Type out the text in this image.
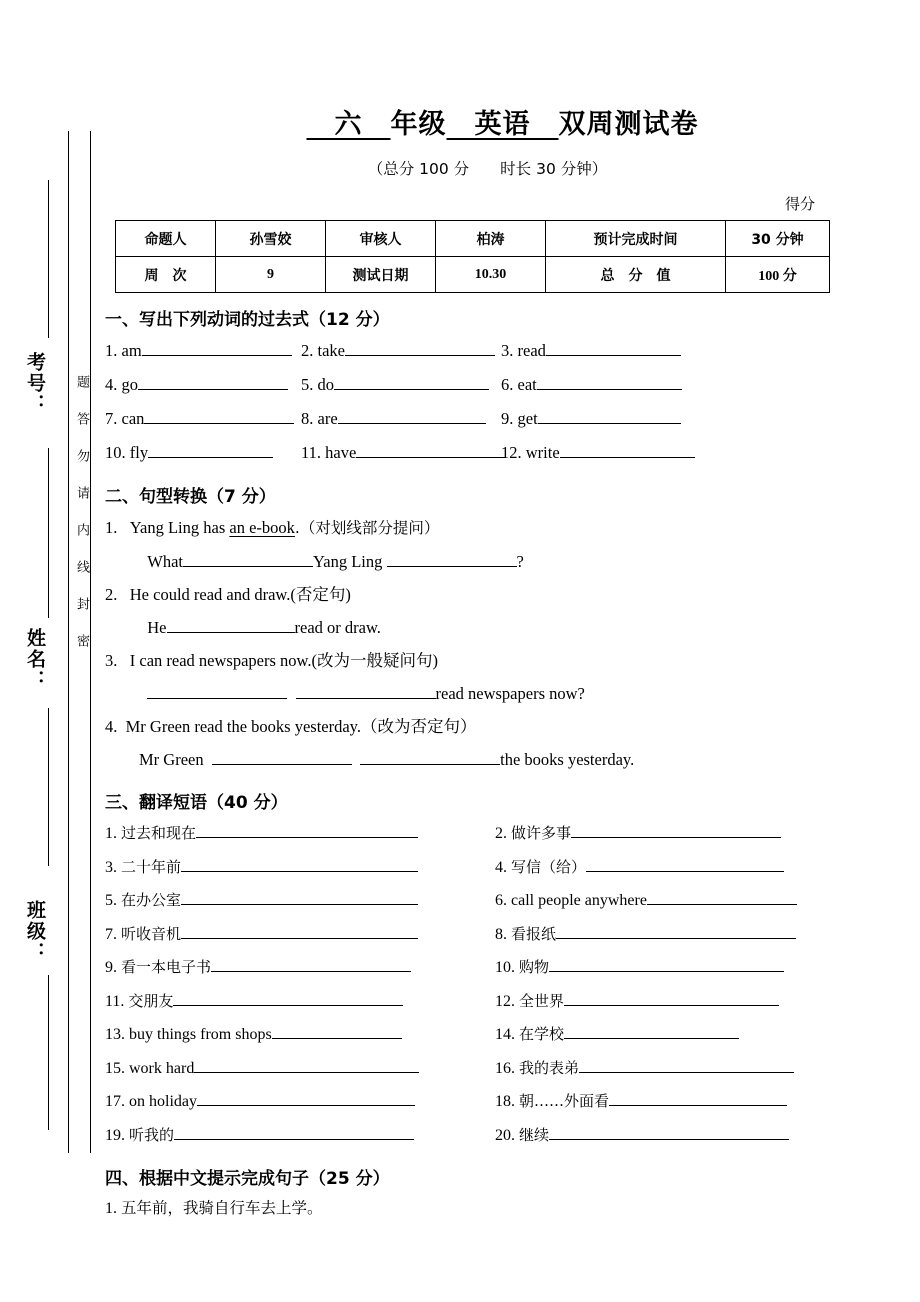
考号：
姓名：
班级：
题答勿请内线封密
　六　 年级　 英语　 双周测试卷
（总分 100 分　　时长 30 分钟）
得分
命题人	孙雪姣	审核人	柏涛	预计完成时间	30 分钟
周　次	9	测试日期	10.30	总　分　值	100 分
一、写出下列动词的过去式（12 分）
1. am	2. take	3. read
4. go	5. do	6. eat
7. can	8. are	9. get
10. fly	11. have	12. write
二、句型转换（7 分）
1. Yang Ling has an e-book.（对划线部分提问）
What	Yang Ling	?
2. He could read and draw.(否定句)
He	read or draw.
3. I can read newspapers now.(改为一般疑问句)
read newspapers now?
4. Mr Green read the books yesterday.（改为否定句）
Mr Green	the books yesterday.
三、翻译短语（40 分）
1. 过去和现在	2. 做许多事
3. 二十年前	4. 写信（给）
5. 在办公室	6. call people anywhere
7. 听收音机	8. 看报纸
9. 看一本电子书	10. 购物
11. 交朋友	12. 全世界
13. buy things from shops	14. 在学校
15. work hard	16. 我的表弟
17. on holiday	18. 朝……外面看
19. 听我的	20. 继续
四、根据中文提示完成句子（25 分）
1. 五年前，我骑自行车去上学。
